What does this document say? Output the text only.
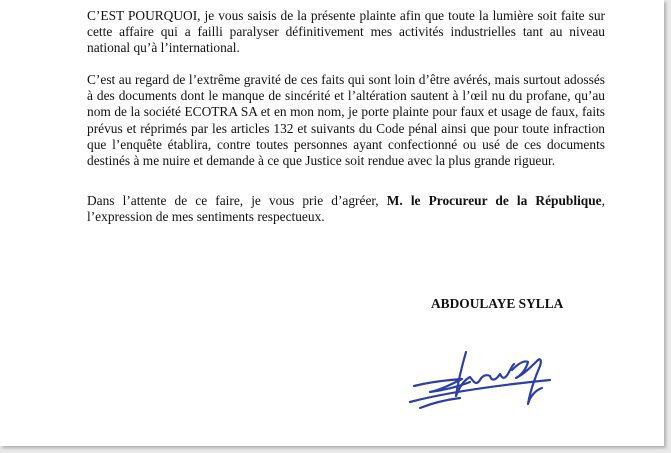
C’EST POURQUOI, je vous saisis de la présente plainte afin que toute la lumière soit faite sur cette affaire qui a failli paralyser définitivement mes activités industrielles tant au niveau national qu’à l’international.

C’est au regard de l’extrême gravité de ces faits qui sont loin d’être avérés, mais surtout adossés à des documents dont le manque de sincérité et l’altération sautent à l’œil nu du profane, qu’au nom de la société ECOTRA SA et en mon nom, je porte plainte pour faux et usage de faux, faits prévus et réprimés par les articles 132 et suivants du Code pénal ainsi que pour toute infraction que l’enquête établira, contre toutes personnes ayant confectionné ou usé de ces documents destinés à me nuire et demande à ce que Justice soit rendue avec la plus grande rigueur.

Dans l’attente de ce faire, je vous prie d’agréer, M. le Procureur de la République, l’expression de mes sentiments respectueux.

ABDOULAYE SYLLA
